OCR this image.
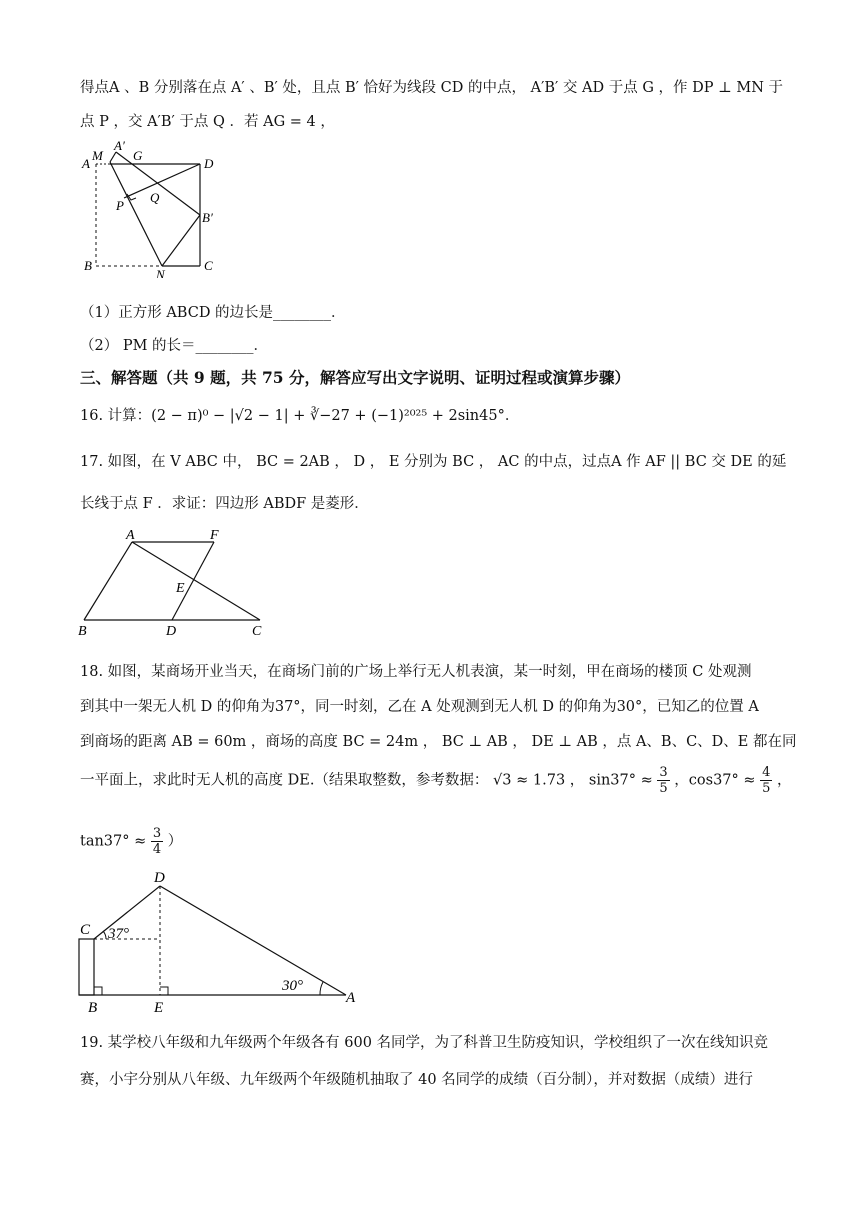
得点A 、B 分别落在点 A′ 、B′ 处，且点 B′ 恰好为线段 CD 的中点， A′B′ 交 AD 于点 G ，作 DP ⊥ MN 于
点 P ，交 A′B′ 于点 Q ．若 AG = 4 ，
M
A′
A
G
D
P
Q
B′
B
N
C
（1）正方形 ABCD 的边长是________．
（2） PM 的长＝________．
三、解答题（共 9 题，共 75 分，解答应写出文字说明、证明过程或演算步骤）
16. 计算：(2 − π)⁰ − |√2 − 1| + ∛−27 + (−1)²⁰²⁵ + 2sin45°．
17. 如图，在 V ABC 中， BC = 2AB ， D ， E 分别为 BC ， AC 的中点，过点A 作 AF || BC 交 DE 的延
长线于点 F ．求证：四边形 ABDF 是菱形．
A	F
E
B	D	C
18. 如图，某商场开业当天，在商场门前的广场上举行无人机表演，某一时刻，甲在商场的楼顶 C 处观测
到其中一架无人机 D 的仰角为37°，同一时刻，乙在 A 处观测到无人机 D 的仰角为30°，已知乙的位置 A
到商场的距离 AB = 60m ，商场的高度 BC = 24m ， BC ⊥ AB ， DE ⊥ AB ，点 A、B、C、D、E 都在同
一平面上，求此时无人机的高度 DE.（结果取整数，参考数据： √3 ≈ 1.73 ， $\sin 37^\circ \approx \frac{3}{5}$ ，$\cos 37^\circ \approx \frac{4}{5}$ ，
$\tan 37^\circ \approx \frac{3}{4}$ ）
D
C 37°
B	E
30°
A
19. 某学校八年级和九年级两个年级各有 600 名同学，为了科普卫生防疫知识，学校组织了一次在线知识竞
赛，小宇分别从八年级、九年级两个年级随机抽取了 40 名同学的成绩（百分制），并对数据（成绩）进行
